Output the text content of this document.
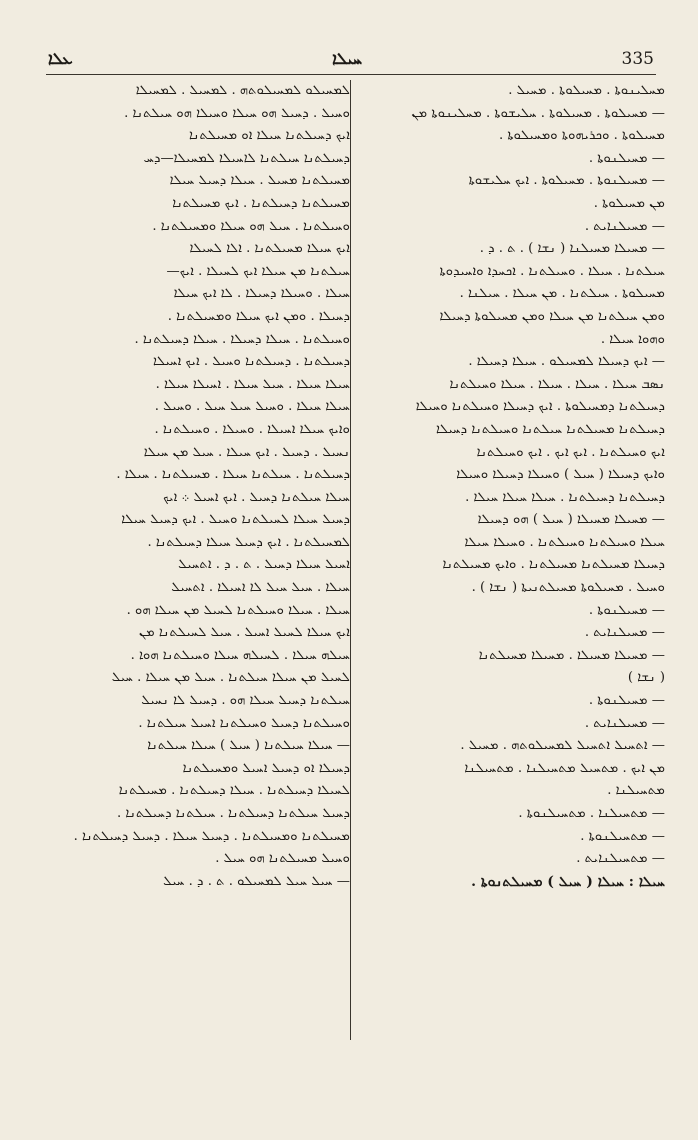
ܥܠܐ	ܚܝܠܐ	335
ܡܚܠܝܢܘܬܐ . ܡܚܝܠܘܬܐ . ܡܚܝܠ .
— ܡܚܝܠܘܬܐ . ܡܚܝܠܘܬܐ . ܚܠܝܫܘܬܐ . ܡܚܠܝܢܘܬܐ ܡܢ
ܡܚܝܠܘܬܐ . ܘܟܪܝܗܘܬܐ ܘܡܚܝܠܘܬܐ .
— ܡܚܝܠܢܘܬܐ .
— ܡܚܝܠܢܘܬܐ . ܡܚܝܠܘܬܐ . ܐܝܟ ܚܠܝܫܘܬܐ
ܡܢ ܡܚܝܠܘܬܐ .
— ܡܚܝܠܢܐܝܬ .
— ܡܚܝܠܐ ܡܚܝܠܢܐ ( ܢܫܐ ) . ܬ . ܕ .
ܚܝܠܬܢܐ . ܚܝܠܐ . ܘܚܝܠܬܢܐ . ܐܟܚܕܐ ܘܐܚܝܕܘܬܐ
ܡܚܝܠܘܬܐ . ܚܝܠܬܢܐ . ܡܢ ܚܝܠܐ . ܚܝܠܢܐ .
ܘܡܢ ܚܝܠܬܢܐ ܡܢ ܚܝܠܐ ܘܡܢ ܡܚܝܠܘܬܐ ܕܚܝܠܐ
ܘܗܘܐ ܚܝܠܐ .
— ܐܝܟ ܕܚܝܠܐ ܠܡܚܝܠܘ . ܚܝܠܐ ܕܚܝܠܐ .
ܢܣܒ ܚܝܠܐ . ܚܝܠܐ . ܚܝܠܐ . ܚܝܠܐ ܘܚܝܠܬܢܐ
ܕܚܝܠܬܢܐ ܕܡܚܝܠܘܬܐ . ܐܝܟ ܕܚܝܠܐ ܘܚܝܠܬܢܐ ܘܚܝܠܐ
ܕܚܝܠܬܢܐ ܡܚܝܠܬܢܐ ܚܝܠܬܢܐ ܘܚܝܠܬܢܐ ܕܚܝܠܐ
ܐܝܟ ܘܚܝܠܬܢܐ . ܐܝܟ ܐܝܟ . ܐܝܟ ܘܚܝܠܬܢܐ
ܘܐܝܟ ܕܚܝܠܐ ( ܚܝܠ ) ܘܚܝܠܐ ܕܚܝܠܐ ܘܚܝܠܐ
ܕܚܝܠܬܢܐ ܕܚܝܠܬܢܐ . ܚܝܠܐ ܚܝܠܐ ܚܝܠܐ .
— ܡܚܝܠܐ ܡܚܝܠܐ ( ܚܝܠ ) ܗܘ ܕܚܝܠܐ
ܚܝܠܐ ܘܚܝܠܬܢܐ ܘܚܝܠܬܢܐ . ܘܚܝܠܐ ܚܝܠܐ
ܕܚܝܠܐ ܡܚܝܠܬܢܐ ܡܚܝܠܬܢܐ . ܘܐܝܟ ܡܚܝܠܬܢܐ
ܘܚܝܠ . ܡܚܝܠܘܬܐ ܡܚܝܠܬܢܝܬܐ ( ܢܫܐ ) .
— ܡܚܝܠܢܘܬܐ .
— ܡܚܝܠܢܐܝܬ .
— ܡܚܝܠܐ ܡܚܝܠܐ . ܡܚܝܠܐ ܡܚܝܠܬܢܐ
( ܢܫܐ )
— ܡܚܝܠܢܘܬܐ .
— ܡܚܝܠܢܐܝܬ .
— ܐܬܚܝܠ ܐܬܚܝܠ ܠܡܚܝܠܘܬܗ . ܡܚܝܠ .
ܡܢ ܐܝܟ . ܡܬܚܝܠ ܡܬܚܝܠܢܐ . ܡܬܚܝܠܢܐ
ܡܬܚܝܠܢܐ .
— ܡܬܚܝܠܢܐ . ܡܬܚܝܠܢܘܬܐ .
— ܡܬܚܝܠܢܘܬܐ .
— ܡܬܚܝܠܢܐܝܬ .
ܚܝܠܐ : ܚܝܠܐ ( ܚܝܠ ) ܡܚܝܠܬܢܘܬܐ .
ܠܡܚܝܠܘ ܠܡܚܝܠܘܬܗ . ܠܡܚܝܠ . ܠܡܚܝܠܐ
ܘܚܝܠ . ܕܚܝܠ ܗܘ ܚܝܠܐ ܘܚܝܠܐ ܗܘ ܚܝܠܬܢܐ .
ܐܝܟ ܕܚܝܠܬܢܐ ܚܝܠܐ ܐܘ ܡܚܝܠܬܢܐ
ܕܚܝܠܬܢܐ ܚܝܠܬܢܐ ܠܐܚܝܠܐ ܠܡܚܝܠܐ—ܕܚ
ܡܚܝܠܬܢܐ ܡܚܝܠ . ܚܝܠܐ ܕܚܝܠ ܚܝܠܐ
ܡܚܝܠܬܢܐ ܕܚܝܠܬܢܐ . ܐܝܟ ܡܚܝܠܬܢܐ
ܘܚܝܠܬܢܐ . ܚܝܠ ܗܘ ܚܝܠܐ ܘܡܚܝܠܬܢܐ .
ܐܝܟ ܚܝܠܐ ܡܚܝܠܬܢܐ . ܐܠܐ ܠܚܝܠܐ
ܚܝܠܬܢܐ ܡܢ ܚܝܠܐ ܐܝܟ ܠܚܝܠܐ . ܐܝܟ—
ܚܝܠܐ . ܘܚܝܠܐ ܕܚܝܠܐ . ܠܐ ܐܝܟ ܚܝܠܐ
ܕܚܝܠܐ . ܘܡܢ ܐܝܟ ܚܝܠܐ ܘܡܚܝܠܬܢܐ .
ܘܚܝܠܬܢܐ . ܚܝܠܐ ܕܚܝܠܐ . ܚܝܠܐ ܕܚܝܠܬܢܐ .
ܕܚܝܠܬܢܐ . ܕܚܝܠܬܢܐ ܘܚܝܠ . ܐܝܟ ܐܚܝܠܐ
ܚܝܠܐ ܚܝܠܐ . ܚܝܠ ܚܝܠܐ . ܐܚܝܠܐ ܚܝܠܐ .
ܚܝܠܐ ܚܝܠܐ . ܘܚܝܠ ܚܝܠ ܚܝܠ . ܘܚܝܠ .
ܘܐܝܟ ܚܝܠܐ ܐܚܝܠܐ . ܘܚܝܠܐ . ܘܚܝܠܬܢܐ .
ܢܚܝܠ . ܕܚܝܠ . ܐܝܟ ܚܝܠܐ . ܚܝܠ ܡܢ ܚܝܠܐ
ܕܚܝܠܬܢܐ . ܚܝܠܬܢܐ ܚܝܠܐ . ܡܚܝܠܬܢܐ . ܚܝܠܐ .
ܚܝܠܐ ܚܝܠܬܢܐ ܕܚܝܠ . ܐܝܟ ܐܚܝܠ ܀ ܐܝܟ
ܕܚܝܠ ܚܝܠܐ ܠܚܝܠܬܢܐ ܘܚܝܠ . ܐܝܟ ܕܚܝܠ ܚܝܠܐ
ܠܡܚܝܠܬܢܐ . ܐܝܟ ܕܚܝܠ ܚܝܠܐ ܕܚܝܠܬܢܐ .
ܐܚܝܠ ܚܝܠܐ ܕܚܝܠ . ܬ . ܕ . ܐܬܚܝܠ
ܚܝܠܐ . ܚܝܠ ܚܝܠ ܠܐ ܐܚܝܠܐ . ܐܬܚܝܠ
ܚܝܠܐ . ܚܝܠܐ ܘܚܝܠܬܢܐ ܠܚܝܠ ܡܢ ܚܝܠܐ ܗܘ .
ܐܝܟ ܚܝܠܐ ܠܚܝܠ ܐܚܝܠ . ܚܝܠ ܠܚܝܠܬܢܐ ܡܢ
ܚܝܠܗ ܚܝܠܐ . ܠܚܝܠܗ ܚܝܠܐ ܘܚܝܠܬܢܐ ܗܘܐ .
ܠܚܝܠ ܡܢ ܚܝܠܐ ܚܝܠܬܢܐ . ܚܝܠ ܡܢ ܚܝܠܐ . ܚܝܠ
ܚܝܠܬܢܐ ܕܚܝܠ ܚܝܠܐ ܗܘ . ܕܚܝܠ ܠܐ ܢܚܝܠ
ܘܚܝܠܬܢܐ ܕܚܝܠ ܘܚܝܠܬܢܐ ܐܚܝܠ ܚܝܠܬܢܐ .
— ܚܝܠܐ ܚܝܠܬܢܐ ( ܚܝܠ ) ܚܝܠܐ ܚܝܠܬܢܐ
ܕܚܝܠܐ ܐܘ ܕܚܝܠ ܐܚܝܠ ܘܡܚܝܠܬܢܐ
ܠܚܝܠܐ ܕܚܝܠܬܢܐ . ܚܝܠܐ ܕܚܝܠܬܢܐ . ܡܚܝܠܬܢܐ
ܕܚܝܠ ܚܝܠܬܢܐ ܕܚܝܠܬܢܐ . ܚܝܠܬܢܐ ܕܚܝܠܬܢܐ .
ܡܚܝܠܬܢܐ ܘܡܚܝܠܬܢܐ . ܕܚܝܠ ܚܝܠܐ . ܕܚܝܠ ܕܚܝܠܬܢܐ .
ܘܚܝܠ ܡܚܝܠܬܢܐ ܗܘ ܚܝܠ .
— ܚܝܠ ܚܝܠ ܠܡܚܝܠܘ . ܬ . ܕ . ܚܝܠ
